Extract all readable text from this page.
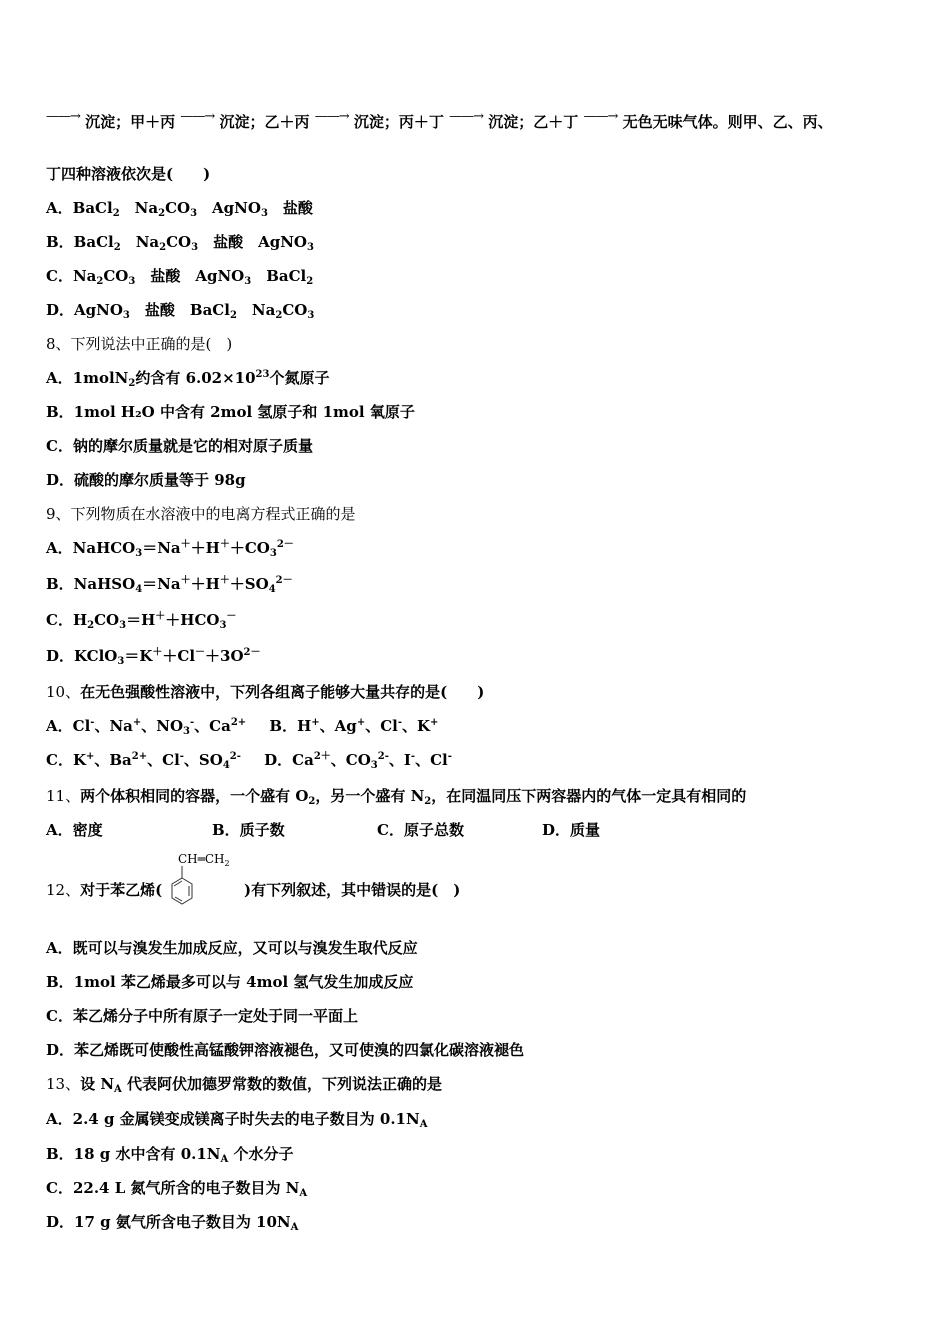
——→ 沉淀；甲＋丙 ——→ 沉淀；乙＋丙 ——→ 沉淀；丙＋丁 ——→ 沉淀；乙＋丁 ——→ 无色无味气体。则甲、乙、丙、
丁四种溶液依次是(　　)
A．BaCl$_2$　$Na_2CO_3$　AgNO$_3$　盐酸
B．BaCl$_2$　$Na_2CO_3$　盐酸　AgNO$_3$
C．$Na_2CO_3$　盐酸　AgNO$_3$　BaCl$_2$
D．AgNO$_3$　盐酸　BaCl$_2$　$Na_2CO_3$
8、下列说法中正确的是(　)
A．1molN$_2$约含有 $6.02\times 10^{23}$个氮原子
B．1mol H₂O 中含有 2mol 氢原子和 1mol 氧原子
C．钠的摩尔质量就是它的相对原子质量
D．硫酸的摩尔质量等于 98g
9、下列物质在水溶液中的电离方程式正确的是
A．$NaHCO_3=Na^++H^++CO_3^{2-}$
B．$NaHSO_4=Na^++H^++SO_4^{2-}$
C．$H_2CO_3=H^++HCO_3^-$
D．$KClO_3=K^++Cl^-+3O^{2-}$
10、在无色强酸性溶液中，下列各组离子能够大量共存的是(　　)
A．Cl-、Na+、$NO_3^-$、$Ca^{2+}$ B．H+、Ag+、Cl-、K+
C．K+、$Ba^{2+}$、Cl-、$SO_4^{2-}$ D．$Ca^{2+}$、$CO_3^{2-}$、I-、Cl-
11、两个体积相同的容器，一个盛有 $O_2$，另一个盛有 $N_2$，在同温同压下两容器内的气体一定具有相同的
A．密度	B．质子数	C．原子总数	D．质量
12、对于苯乙烯(
$CH═CH_2$
)有下列叙述，其中错误的是(　)
A．既可以与溴发生加成反应，又可以与溴发生取代反应
B．1mol 苯乙烯最多可以与 4mol 氢气发生加成反应
C．苯乙烯分子中所有原子一定处于同一平面上
D．苯乙烯既可使酸性高锰酸钾溶液褪色，又可使溴的四氯化碳溶液褪色
13、设 $N_A$ 代表阿伏加德罗常数的数值，下列说法正确的是
A．2.4 g 金属镁变成镁离子时失去的电子数目为 $0.1N_A$
B．18 g 水中含有 $0.1N_A$ 个水分子
C．22.4 L 氮气所含的电子数目为 $N_A$
D．17 g 氨气所含电子数目为 $10N_A$
